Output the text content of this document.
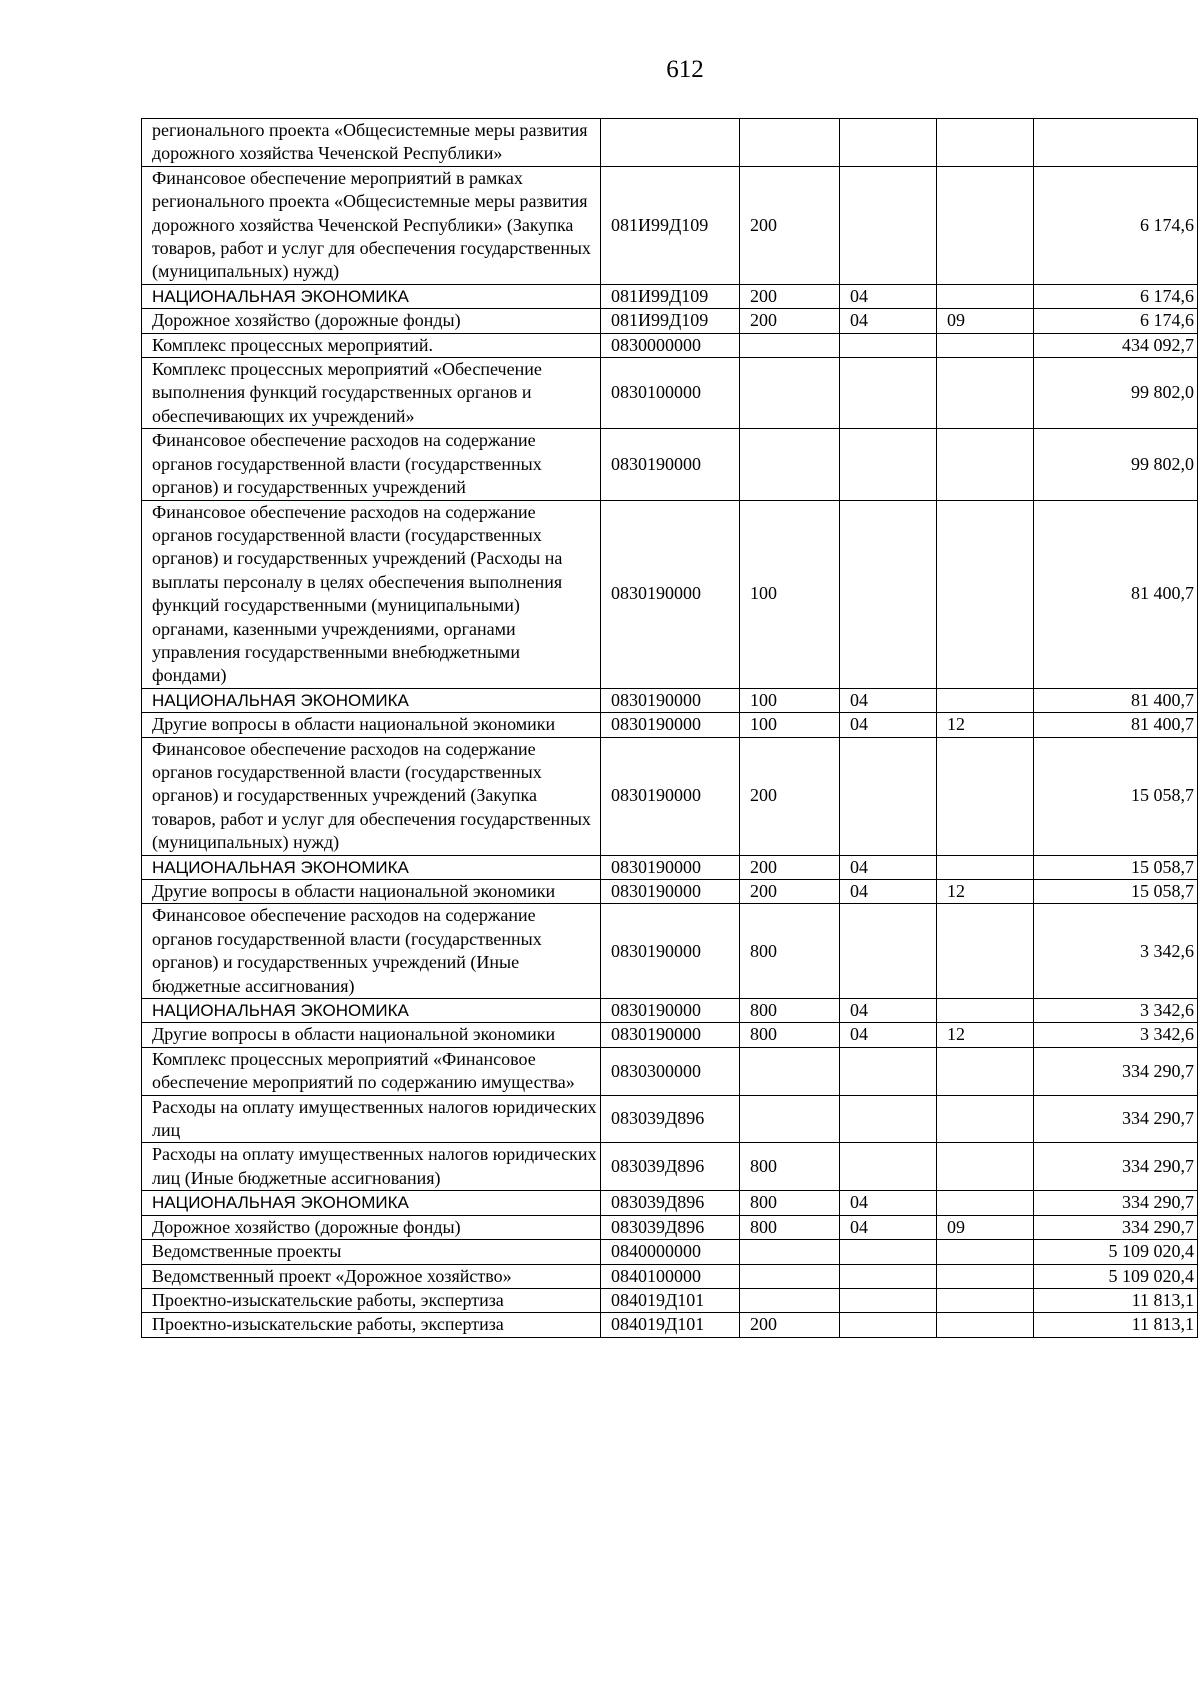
612
регионального проекта «Общесистемные меры развития дорожного хозяйства Чеченской Республики»					
Финансовое обеспечение мероприятий в рамках регионального проекта «Общесистемные меры развития дорожного хозяйства Чеченской Республики» (Закупка товаров, работ и услуг для обеспечения государственных (муниципальных) нужд)	081И99Д109	200			6 174,6
НАЦИОНАЛЬНАЯ ЭКОНОМИКА	081И99Д109	200	04		6 174,6
Дорожное хозяйство (дорожные фонды)	081И99Д109	200	04	09	6 174,6
Комплекс процессных мероприятий.	0830000000				434 092,7
Комплекс процессных мероприятий «Обеспечение выполнения функций государственных органов и обеспечивающих их учреждений»	0830100000				99 802,0
Финансовое обеспечение расходов на содержание органов государственной власти (государственных органов) и государственных учреждений	0830190000				99 802,0
Финансовое обеспечение расходов на содержание органов государственной власти (государственных органов) и государственных учреждений (Расходы на выплаты персоналу в целях обеспечения выполнения функций государственными (муниципальными) органами, казенными учреждениями, органами управления государственными внебюджетными фондами)	0830190000	100			81 400,7
НАЦИОНАЛЬНАЯ ЭКОНОМИКА	0830190000	100	04		81 400,7
Другие вопросы в области национальной экономики	0830190000	100	04	12	81 400,7
Финансовое обеспечение расходов на содержание органов государственной власти (государственных органов) и государственных учреждений (Закупка товаров, работ и услуг для обеспечения государственных (муниципальных) нужд)	0830190000	200			15 058,7
НАЦИОНАЛЬНАЯ ЭКОНОМИКА	0830190000	200	04		15 058,7
Другие вопросы в области национальной экономики	0830190000	200	04	12	15 058,7
Финансовое обеспечение расходов на содержание органов государственной власти (государственных органов) и государственных учреждений (Иные бюджетные ассигнования)	0830190000	800			3 342,6
НАЦИОНАЛЬНАЯ ЭКОНОМИКА	0830190000	800	04		3 342,6
Другие вопросы в области национальной экономики	0830190000	800	04	12	3 342,6
Комплекс процессных мероприятий «Финансовое обеспечение мероприятий по содержанию имущества»	0830300000				334 290,7
Расходы на оплату имущественных налогов юридических лиц	083039Д896				334 290,7
Расходы на оплату имущественных налогов юридических лиц (Иные бюджетные ассигнования)	083039Д896	800			334 290,7
НАЦИОНАЛЬНАЯ ЭКОНОМИКА	083039Д896	800	04		334 290,7
Дорожное хозяйство (дорожные фонды)	083039Д896	800	04	09	334 290,7
Ведомственные проекты	0840000000				5 109 020,4
Ведомственный проект «Дорожное хозяйство»	0840100000				5 109 020,4
Проектно-изыскательские работы, экспертиза	084019Д101				11 813,1
Проектно-изыскательские работы, экспертиза	084019Д101	200			11 813,1
